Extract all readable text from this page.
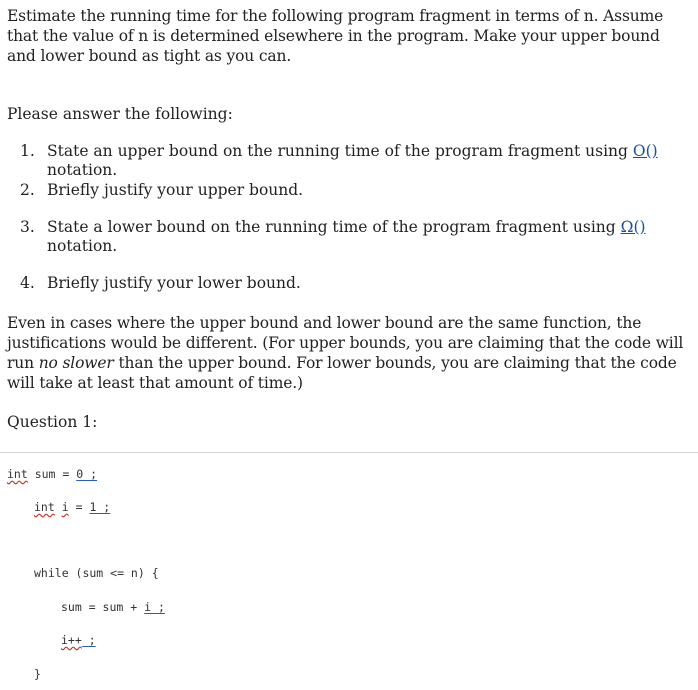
Estimate the running time for the following program fragment in terms of n. Assume that the value of n is determined elsewhere in the program. Make your upper bound and lower bound as tight as you can.
Please answer the following:
1. State an upper bound on the running time of the program fragment using O() notation.
2. Briefly justify your upper bound.
3. State a lower bound on the running time of the program fragment using Ω() notation.
4. Briefly justify your lower bound.
Even in cases where the upper bound and lower bound are the same function, the justifications would be different. (For upper bounds, you are claiming that the code will run no slower than the upper bound. For lower bounds, you are claiming that the code will take at least that amount of time.)
Question 1:
int sum = 0 ;
int i = 1 ;
while (sum <= n) {
sum = sum + i ;
i++ ;
}
